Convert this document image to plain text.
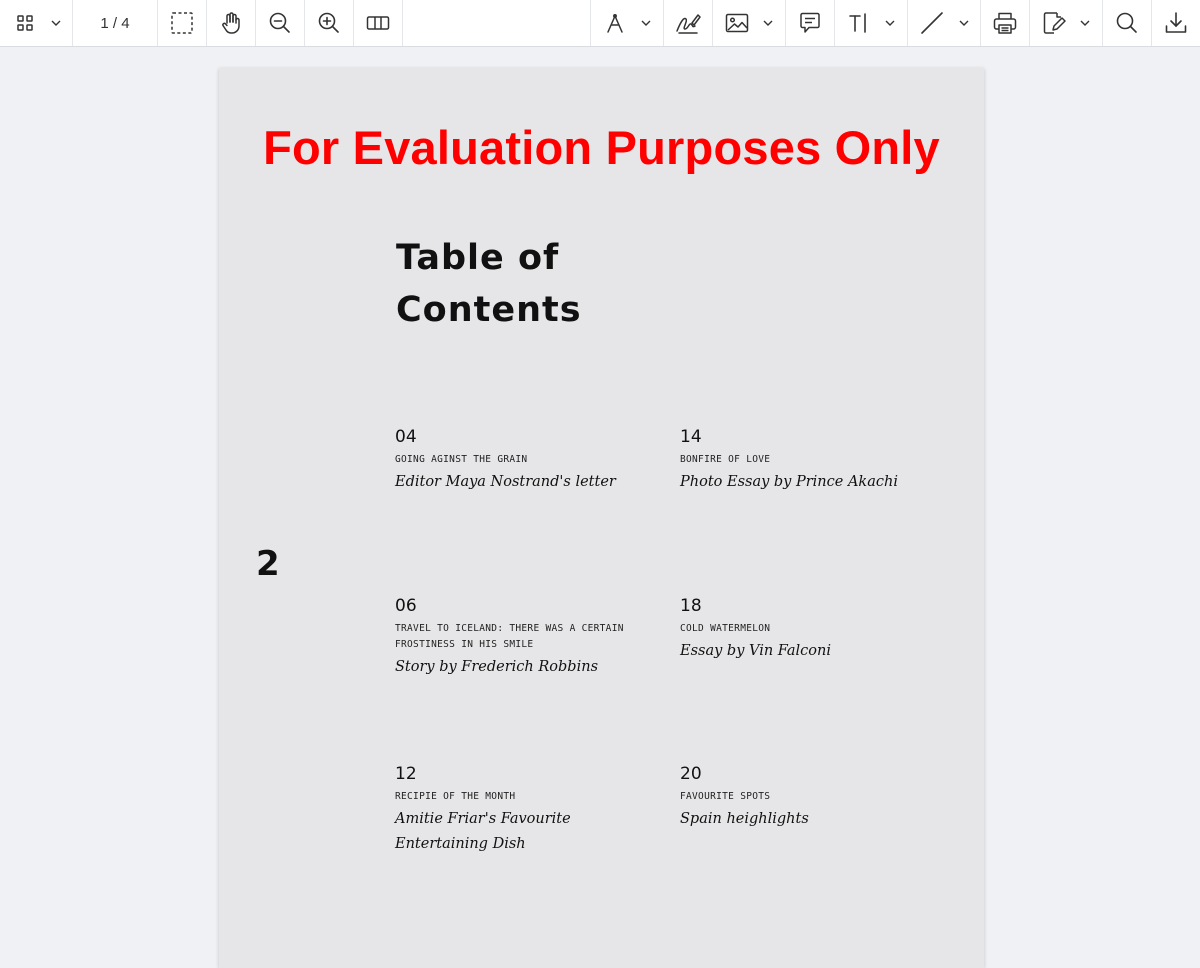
1 / 4
For Evaluation Purposes Only
Table of
Contents
2
04
GOING AGINST THE GRAIN
Editor Maya Nostrand's letter
14
BONFIRE OF LOVE
Photo Essay by Prince Akachi
06
TRAVEL TO ICELAND: THERE WAS A CERTAIN FROSTINESS IN HIS SMILE
Story by Frederich Robbins
18
COLD WATERMELON
Essay by Vin Falconi
12
RECIPIE OF THE MONTH
Amitie Friar's Favourite
Entertaining Dish
20
FAVOURITE SPOTS
Spain heighlights
